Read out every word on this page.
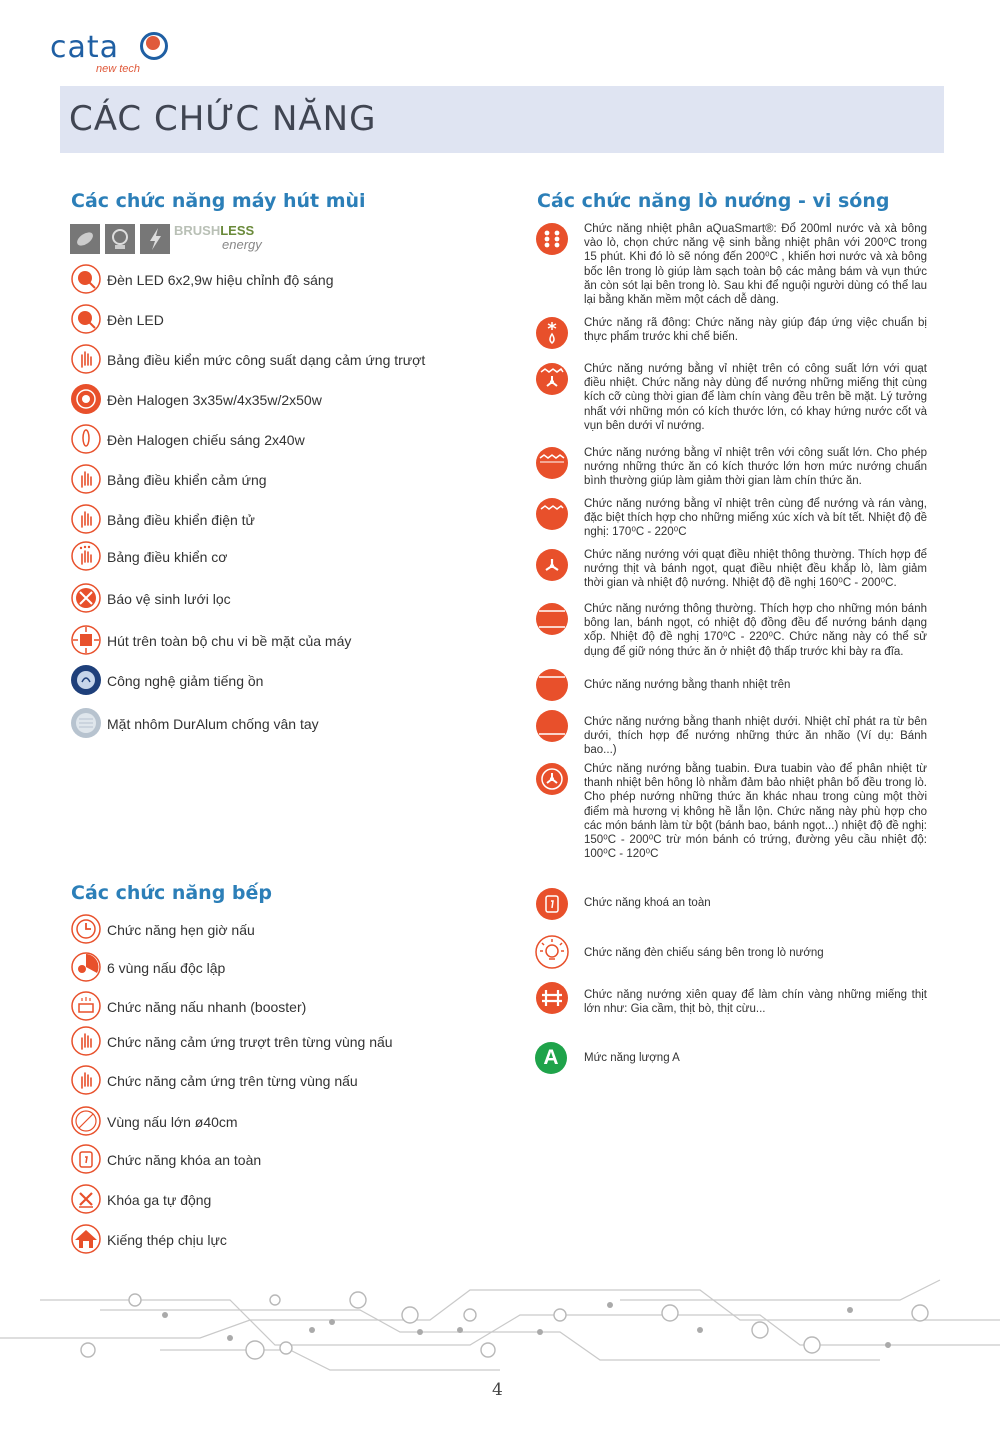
cata
new tech
CÁC CHỨC NĂNG
Các chức năng máy hút mùi
BRUSHLESS
energy
Đèn LED 6x2,9w hiệu chỉnh độ sáng
Đèn LED
Bảng điều kiển mức công suất dạng cảm ứng trượt
Đèn Halogen 3x35w/4x35w/2x50w
Đèn Halogen chiếu sáng 2x40w
Bảng điều khiển cảm ứng
Bảng điều khiển điện tử
Bảng điều khiển cơ
Báo vệ sinh lưới lọc
Hút trên toàn bộ chu vi bề mặt của máy
Công nghệ giảm tiếng ồn
Mặt nhôm DurAlum chống vân tay
Các chức năng bếp
Chức năng hẹn giờ nấu
6 vùng nấu độc lập
Chức năng nấu nhanh (booster)
Chức năng cảm ứng trượt trên từng vùng nấu
Chức năng cảm ứng trên từng vùng nấu
Vùng nấu lớn ø40cm
Chức năng khóa an toàn
Khóa ga tự động
Kiếng thép chịu lực
Các chức năng lò nướng - vi sóng
Chức năng nhiệt phân aQuaSmart®: Đổ 200ml nước và xà bông vào lò, chọn chức năng vệ sinh bằng nhiệt phân với 200⁰C trong 15 phút. Khi đó lò sẽ nóng đến 200⁰C , khiến hơi nước và xà bông bốc lên trong lò giúp làm sạch toàn bộ các mảng bám và vụn thức ăn còn sót lại bên trong lò. Sau khi để nguội người dùng có thể lau lại bằng khăn mềm một cách dễ dàng.
Chức năng rã đông: Chức năng này giúp đáp ứng việc chuẩn bị thực phẩm trước khi chế biến.
Chức năng nướng bằng vỉ nhiệt trên có công suất lớn với quạt điều nhiệt. Chức năng này dùng để nướng những miếng thịt cùng kích cỡ cùng thời gian để làm chín vàng đều trên bề mặt. Lý tưởng nhất với những món có kích thước lớn, có khay hứng nước cốt và vụn bên dưới vỉ nướng.
Chức năng nướng bằng vỉ nhiệt trên với công suất lớn. Cho phép nướng những thức ăn có kích thước lớn hơn mức nướng chuẩn bình thường giúp làm giảm thời gian làm chín thức ăn.
Chức năng nướng bằng vỉ nhiệt trên cùng để nướng và rán vàng, đặc biệt thích hợp cho những miếng xúc xích và bít tết. Nhiệt độ đề nghị: 170⁰C - 220⁰C
Chức năng nướng với quạt điều nhiệt thông thường. Thích hợp để nướng thịt và bánh ngọt, quạt điều nhiệt đều khắp lò, làm giảm thời gian và nhiệt độ nướng. Nhiệt độ đề nghị 160⁰C - 200⁰C.
Chức năng nướng thông thường. Thích hợp cho những món bánh bông lan, bánh ngọt, có nhiệt độ đồng đều để nướng bánh dạng xốp. Nhiệt độ đề nghị 170⁰C - 220⁰C. Chức năng này có thể sử dụng để giữ nóng thức ăn ở nhiệt độ thấp trước khi bày ra đĩa.
Chức năng nướng bằng thanh nhiệt trên
Chức năng nướng bằng thanh nhiệt dưới. Nhiệt chỉ phát ra từ bên dưới, thích hợp để nướng những thức ăn nhão (Ví dụ: Bánh bao...)
Chức năng nướng bằng tuabin. Đưa tuabin vào để phân nhiệt từ thanh nhiệt bên hông lò nhằm đảm bảo nhiệt phân bố đều trong lò. Cho phép nướng những thức ăn khác nhau trong cùng một thời điểm mà hương vị không hề lẫn lộn. Chức năng này phù hợp cho các món bánh làm từ bột (bánh bao, bánh ngọt...) nhiệt độ đề nghị: 150⁰C - 200⁰C trừ món bánh có trứng, đường yêu cầu nhiệt độ: 100⁰C - 120⁰C
Chức năng khoá an toàn
Chức năng đèn chiếu sáng bên trong lò nướng
Chức năng nướng xiên quay để làm chín vàng những miếng thịt lớn như: Gia cầm, thịt bò, thịt cừu...
A	Mức năng lượng A
4
